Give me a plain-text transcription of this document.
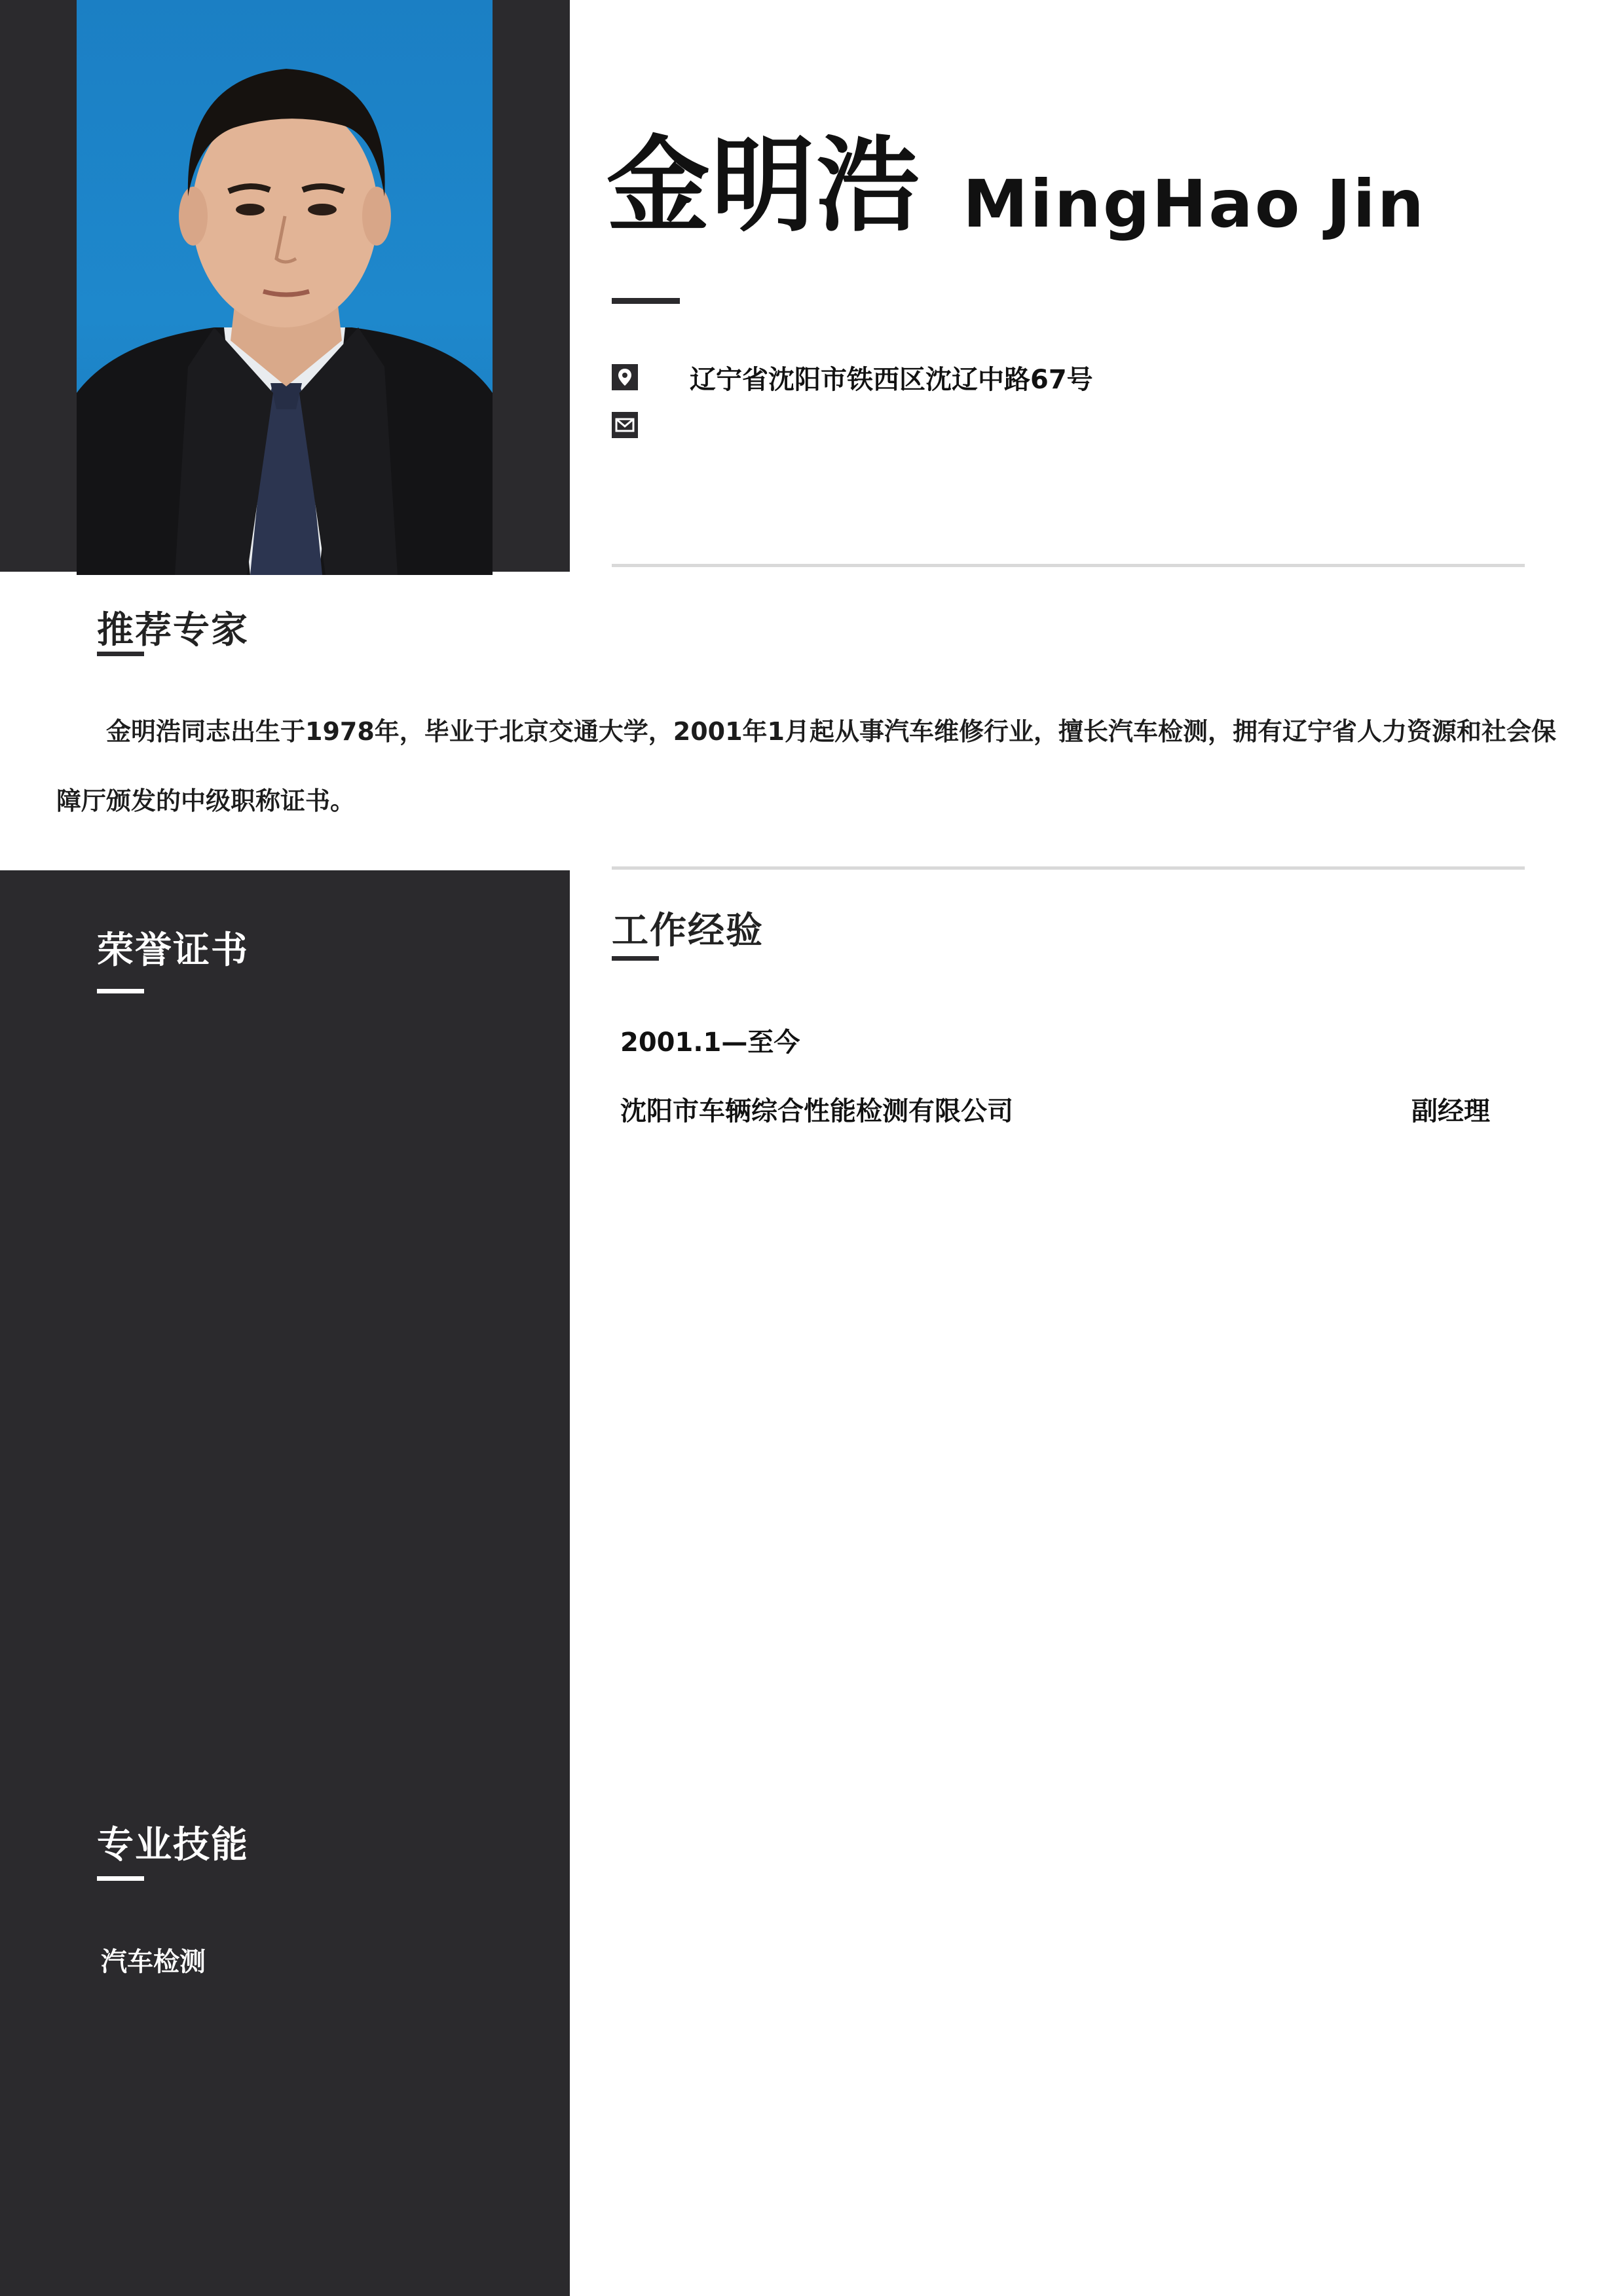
金明浩 MingHao Jin
辽宁省沈阳市铁西区沈辽中路67号
推荐专家
金明浩同志出生于1978年，毕业于北京交通大学，2001年1月起从事汽车维修行业，擅长汽车检测，拥有辽宁省人力资源和社会保障厅颁发的中级职称证书。
荣誉证书	工作经验
2001.1—至今
沈阳市车辆综合性能检测有限公司	副经理
专业技能
汽车检测
